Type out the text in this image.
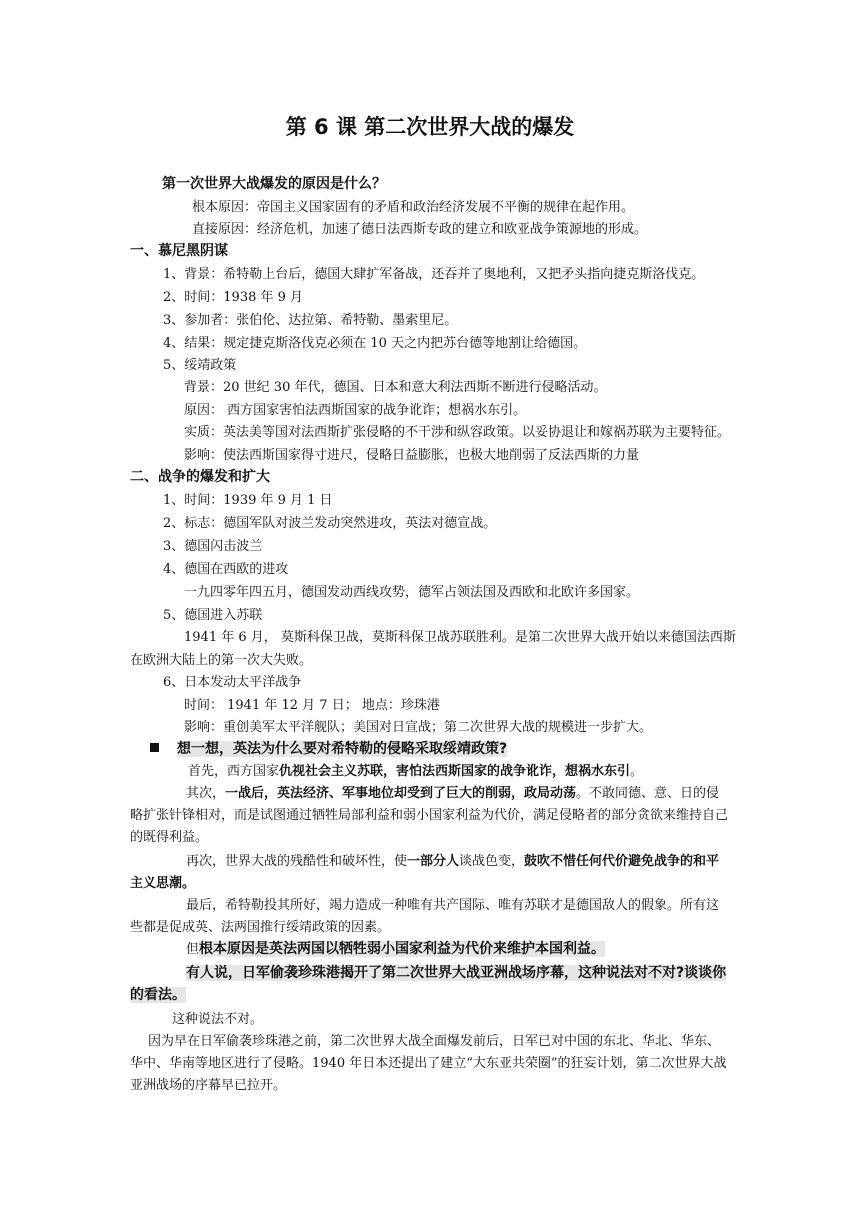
第 6 课 第二次世界大战的爆发
第一次世界大战爆发的原因是什么？
根本原因：帝国主义国家固有的矛盾和政治经济发展不平衡的规律在起作用。
直接原因：经济危机，加速了德日法西斯专政的建立和欧亚战争策源地的形成。
一、慕尼黑阴谋
1、背景：希特勒上台后，德国大肆扩军备战，还吞并了奥地利，又把矛头指向捷克斯洛伐克。
2、时间：1938 年 9 月
3、参加者：张伯伦、达拉第、希特勒、墨索里尼。
4、结果：规定捷克斯洛伐克必须在 10 天之内把苏台德等地割让给德国。
5、绥靖政策
背景：20 世纪 30 年代，德国、日本和意大利法西斯不断进行侵略活动。
原因： 西方国家害怕法西斯国家的战争讹诈；想祸水东引。
实质：英法美等国对法西斯扩张侵略的不干涉和纵容政策。以妥协退让和嫁祸苏联为主要特征。
影响：使法西斯国家得寸进尺，侵略日益膨胀，也极大地削弱了反法西斯的力量
二、战争的爆发和扩大
1、时间：1939 年 9 月 1 日
2、标志：德国军队对波兰发动突然进攻，英法对德宣战。
3、德国闪击波兰
4、德国在西欧的进攻
一九四零年四五月，德国发动西线攻势，德军占领法国及西欧和北欧许多国家。
5、德国进入苏联
1941 年 6 月， 莫斯科保卫战，莫斯科保卫战苏联胜利。是第二次世界大战开始以来德国法西斯
在欧洲大陆上的第一次大失败。
6、日本发动太平洋战争
时间： 1941 年 12 月 7 日； 地点：珍珠港
影响：重创美军太平洋舰队；美国对日宣战；第二次世界大战的规模进一步扩大。
想一想，英法为什么要对希特勒的侵略采取绥靖政策?
首先，西方国家仇视社会主义苏联，害怕法西斯国家的战争讹诈，想祸水东引。
其次，一战后，英法经济、军事地位却受到了巨大的削弱，政局动荡。不敢同德、意、日的侵略扩张针锋相对，而是试图通过牺牲局部利益和弱小国家利益为代价，满足侵略者的部分贪欲来维持自己的既得利益。
再次，世界大战的残酷性和破坏性，使一部分人谈战色变，鼓吹不惜任何代价避免战争的和平主义思潮。
最后，希特勒投其所好，竭力造成一种唯有共产国际、唯有苏联才是德国敌人的假象。所有这些都是促成英、法两国推行绥靖政策的因素。
但根本原因是英法两国以牺牲弱小国家利益为代价来维护本国利益。
有人说，日军偷袭珍珠港揭开了第二次世界大战亚洲战场序幕，这种说法对不对?谈谈你的看法。
这种说法不对。
因为早在日军偷袭珍珠港之前，第二次世界大战全面爆发前后，日军已对中国的东北、华北、华东、华中、华南等地区进行了侵略。1940 年日本还提出了建立“大东亚共荣圈”的狂妄计划，第二次世界大战亚洲战场的序幕早已拉开。
